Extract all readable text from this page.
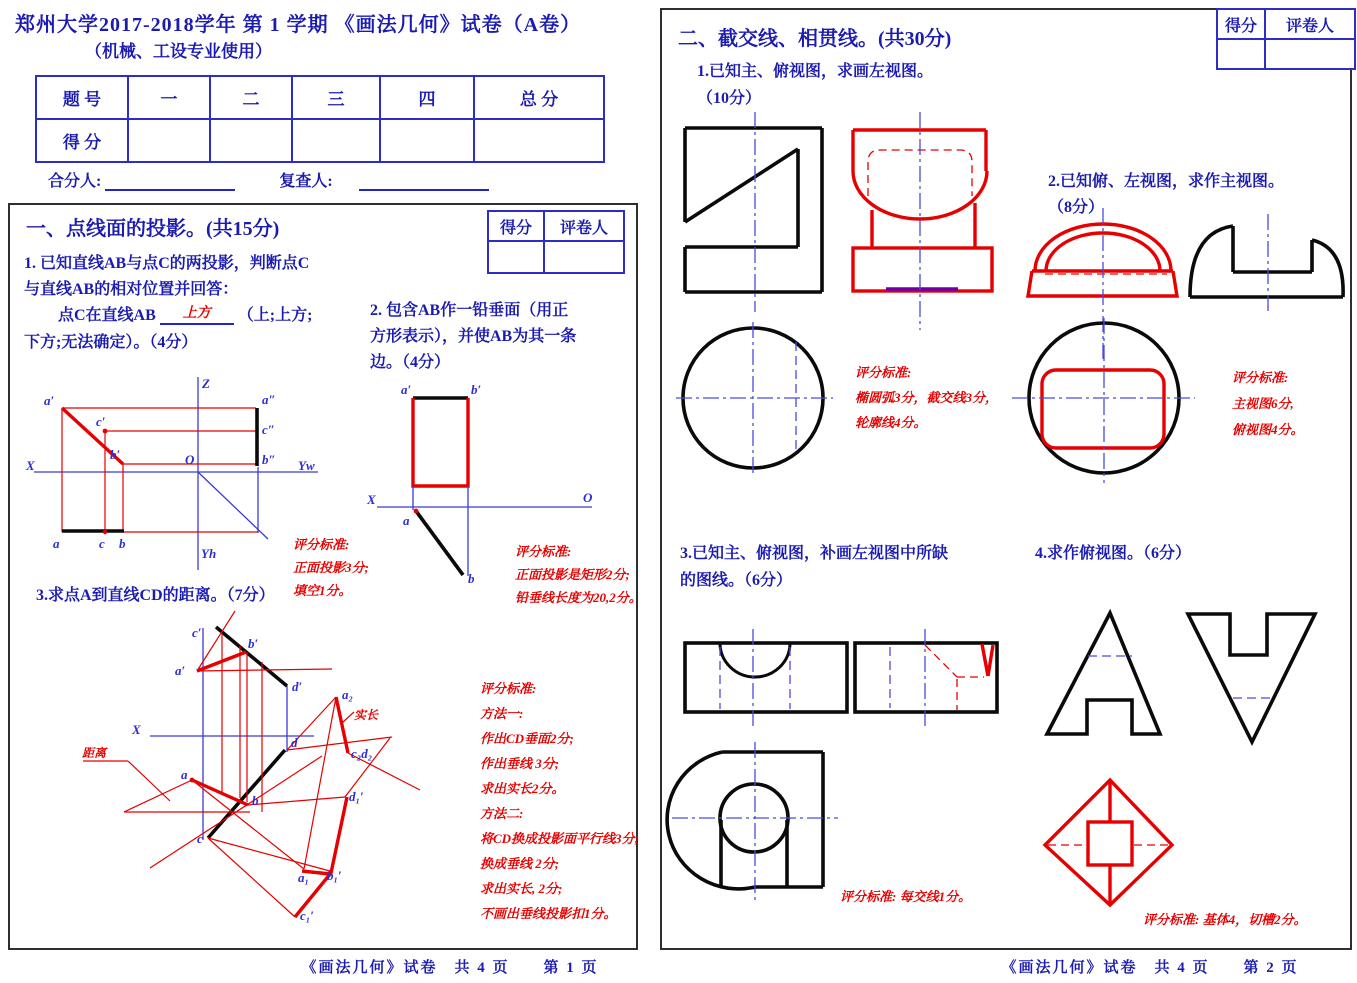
郑州大学2017-2018学年 第 1 学期 《画法几何》试卷（A卷）
（机械、工设专业使用）
题 号	一	二	三	四	总 分
得 分					
合分人:	复查人:
一、点线面的投影。(共15分)	得分	评卷人

1. 已知直线AB与点C的两投影，判断点C
与直线AB的相对位置并回答：
点C在直线AB 上方 （上;上方;
下方;无法确定）。（4分）
2. 包含AB作一铅垂面（用正
方形表示），并使AB为其一条
边。（4分）
3.求点A到直线CD的距离。（7分）
评分标准:
正面投影3分;
填空1分。
评分标准:
正面投影是矩形2分;
铅垂线长度为20,2分。
评分标准:
方法一:
作出CD垂面2分;
作出垂线 3分;
求出实长2分。
方法二:
将CD换成投影面平行线3分;
换成垂线 2分;
求出实长, 2分;
不画出垂线投影扣1分。
《画法几何》试卷　共 4 页　　第 1 页
得分	评卷人

二、截交线、相贯线。(共30分)
1.已知主、俯视图，求画左视图。
（10分）
评分标准:
椭圆弧3分，截交线3分，
轮廓线4分。
2.已知俯、左视图，求作主视图。
（8分）
评分标准:
主视图6分,
俯视图4分。
3.已知主、俯视图，补画左视图中所缺
的图线。（6分）
评分标准: 每交线1分。
4.求作俯视图。（6分）
评分标准: 基体4，切槽2分。
《画法几何》试卷　共 4 页　　第 2 页
Z
a′
c′
b′
a″
c″
b″
O
X	Yw
Yh
a	c b
a′	b′
X	O
a
b
c′
b′
a′
d′
a₂
实长
c₂d₂
X
距离
d
a
b
c
d₁′
a₁ b₁′
c₁′
